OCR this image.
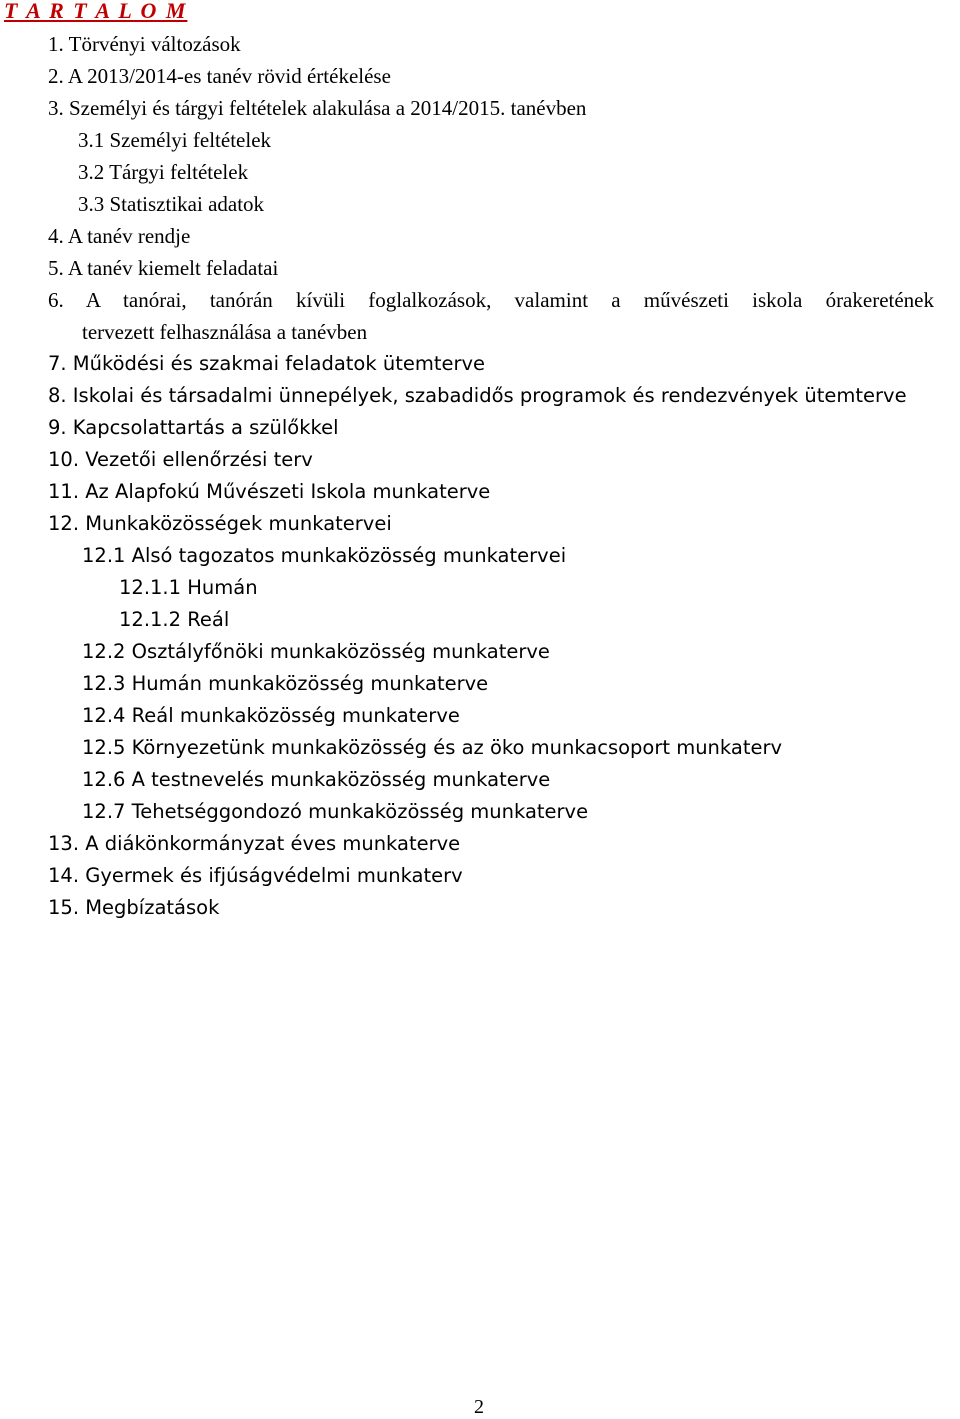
T A R T A L O M
1. Törvényi változások
2. A 2013/2014-es tanév rövid értékelése
3. Személyi és tárgyi feltételek alakulása a 2014/2015. tanévben
3.1 Személyi feltételek
3.2 Tárgyi feltételek
3.3 Statisztikai adatok
4. A tanév rendje
5. A tanév kiemelt feladatai
6. A tanórai, tanórán kívüli foglalkozások, valamint a művészeti iskola órakeretének
tervezett felhasználása a tanévben
7. Működési és szakmai feladatok ütemterve
8. Iskolai és társadalmi ünnepélyek, szabadidős programok és rendezvények ütemterve
9. Kapcsolattartás a szülőkkel
10. Vezetői ellenőrzési terv
11. Az Alapfokú Művészeti Iskola munkaterve
12. Munkaközösségek munkatervei
12.1 Alsó tagozatos munkaközösség munkatervei
12.1.1 Humán
12.1.2 Reál
12.2 Osztályfőnöki munkaközösség munkaterve
12.3 Humán munkaközösség munkaterve
12.4 Reál munkaközösség munkaterve
12.5 Környezetünk munkaközösség és az öko munkacsoport munkaterv
12.6 A testnevelés munkaközösség munkaterve
12.7 Tehetséggondozó munkaközösség munkaterve
13. A diákönkormányzat éves munkaterve
14. Gyermek és ifjúságvédelmi munkaterv
15. Megbízatások
2
